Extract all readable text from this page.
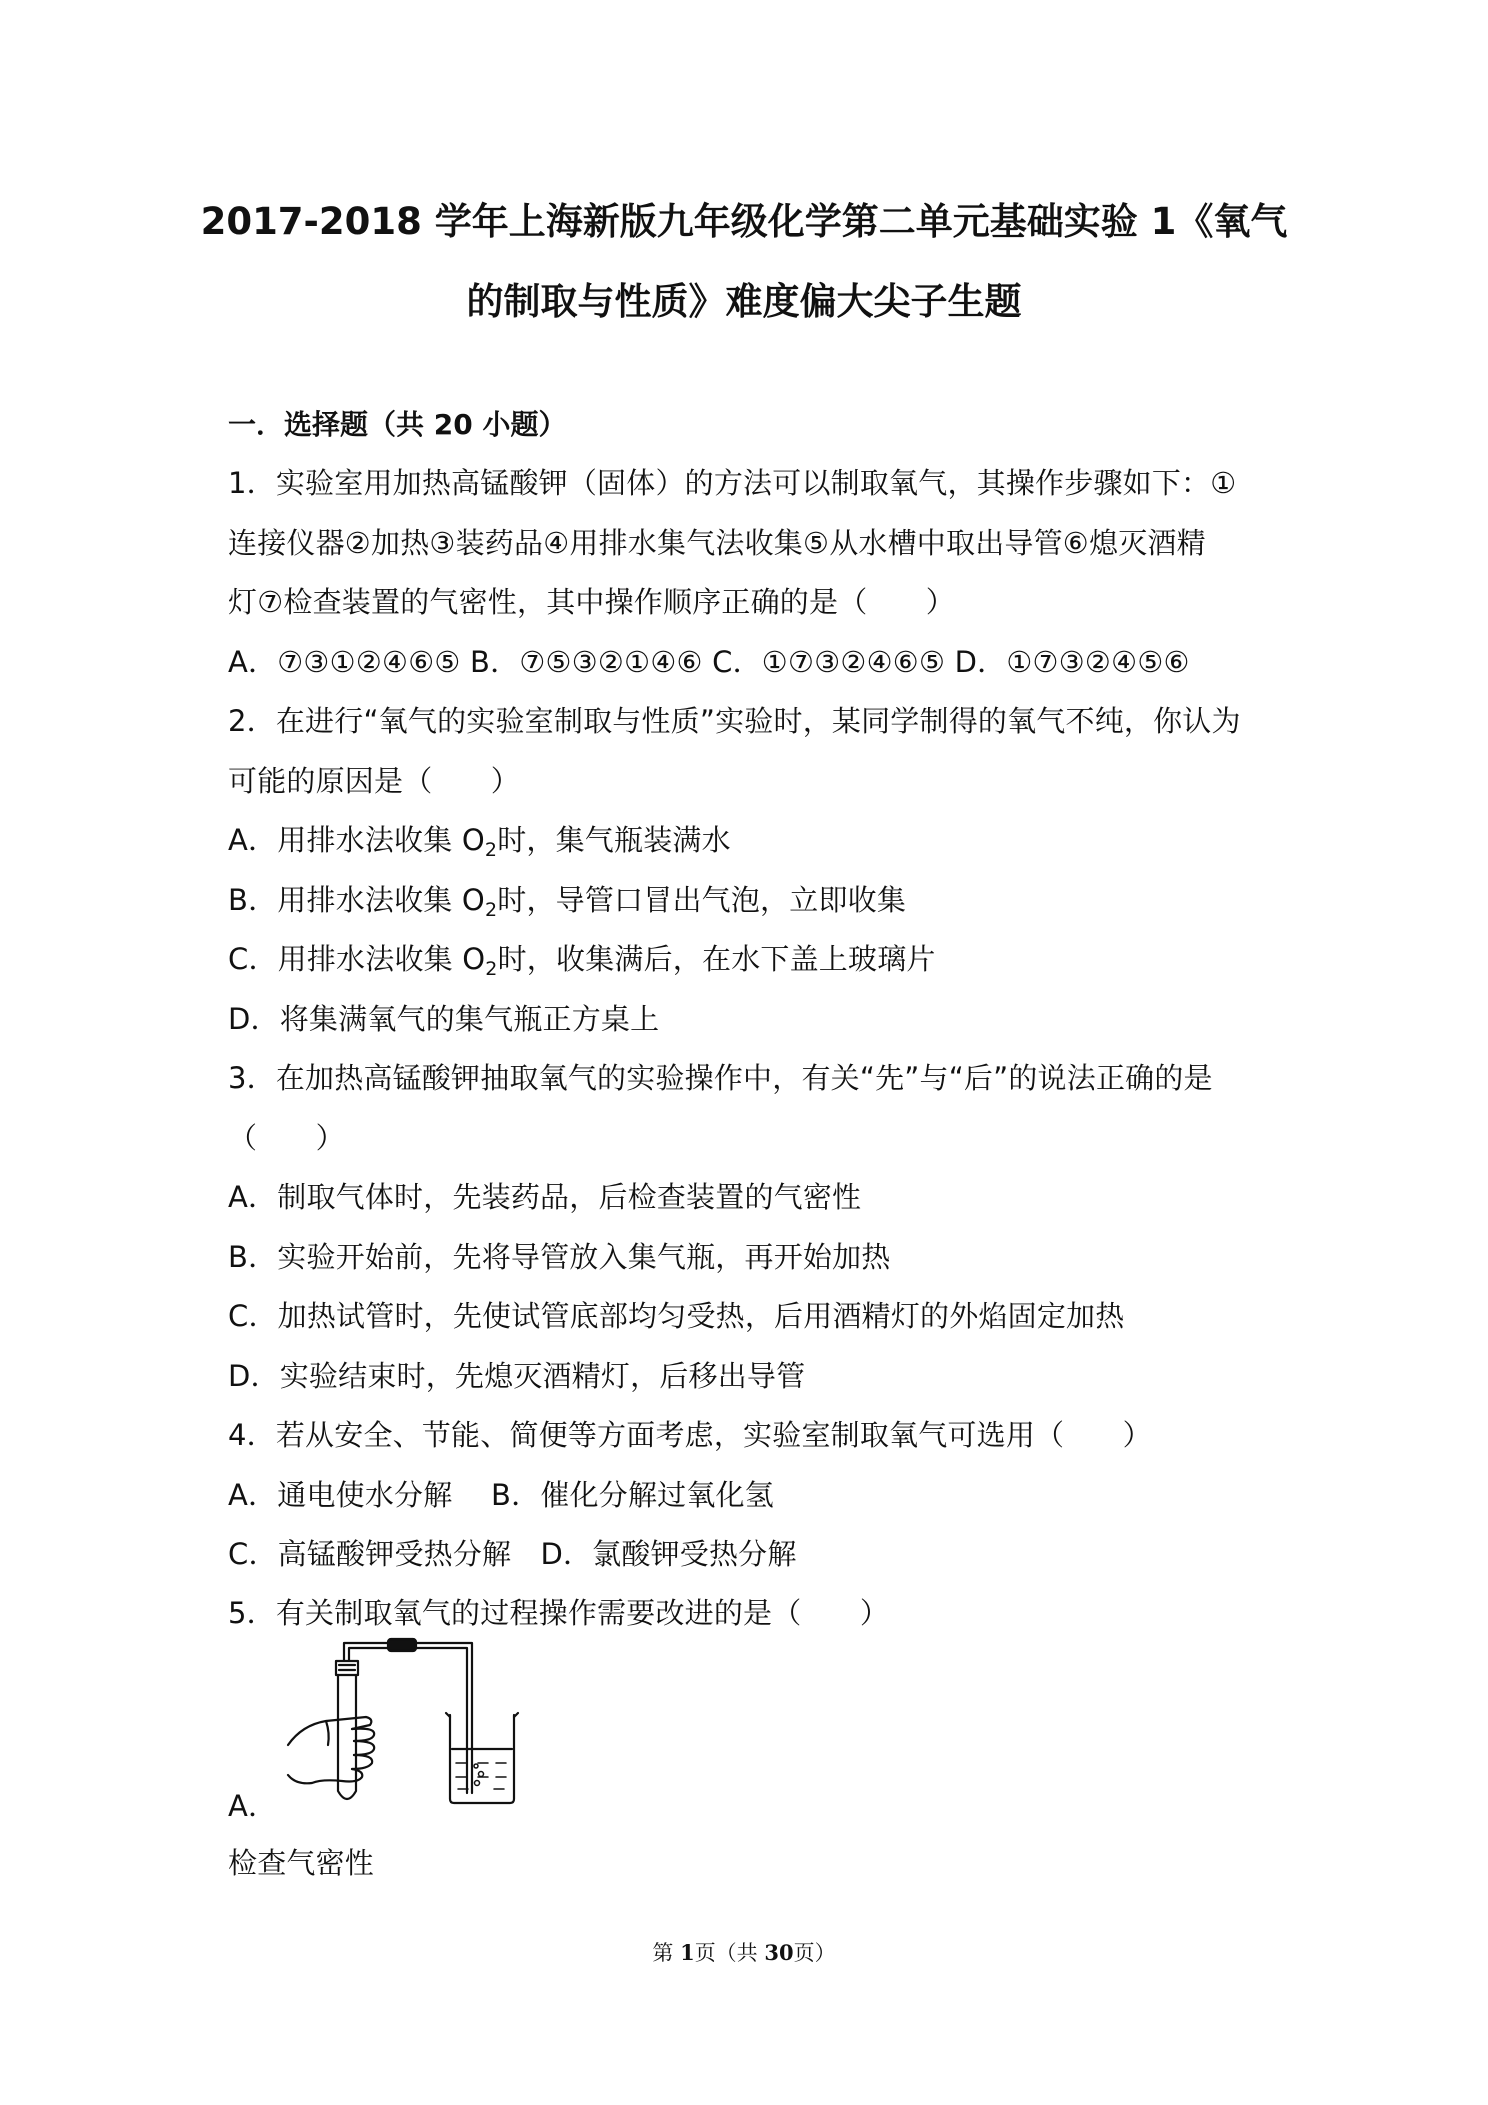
2017-2018 学年上海新版九年级化学第二单元基础实验 1《氧气
的制取与性质》难度偏大尖子生题
一．选择题（共 20 小题）
1．实验室用加热高锰酸钾（固体）的方法可以制取氧气，其操作步骤如下：①
连接仪器②加热③装药品④用排水集气法收集⑤从水槽中取出导管⑥熄灭酒精
灯⑦检查装置的气密性，其中操作顺序正确的是（　　）
A．⑦③①②④⑥⑤ B．⑦⑤③②①④⑥ C．①⑦③②④⑥⑤ D．①⑦③②④⑤⑥
2．在进行“氧气的实验室制取与性质”实验时，某同学制得的氧气不纯，你认为
可能的原因是（　　）
A．用排水法收集 $O_2$时，集气瓶装满水
B．用排水法收集 $O_2$时，导管口冒出气泡，立即收集
C．用排水法收集 $O_2$时，收集满后，在水下盖上玻璃片
D．将集满氧气的集气瓶正方桌上
3．在加热高锰酸钾抽取氧气的实验操作中，有关“先”与“后”的说法正确的是
（　　）
A．制取气体时，先装药品，后检查装置的气密性
B．实验开始前，先将导管放入集气瓶，再开始加热
C．加热试管时，先使试管底部均匀受热，后用酒精灯的外焰固定加热
D．实验结束时，先熄灭酒精灯，后移出导管
4．若从安全、节能、简便等方面考虑，实验室制取氧气可选用（　　）
A．通电使水分解　 B．催化分解过氧化氢
C．高锰酸钾受热分解　D．氯酸钾受热分解
5．有关制取氧气的过程操作需要改进的是（　　）
A．
检查气密性
第 1页（共 30页）
